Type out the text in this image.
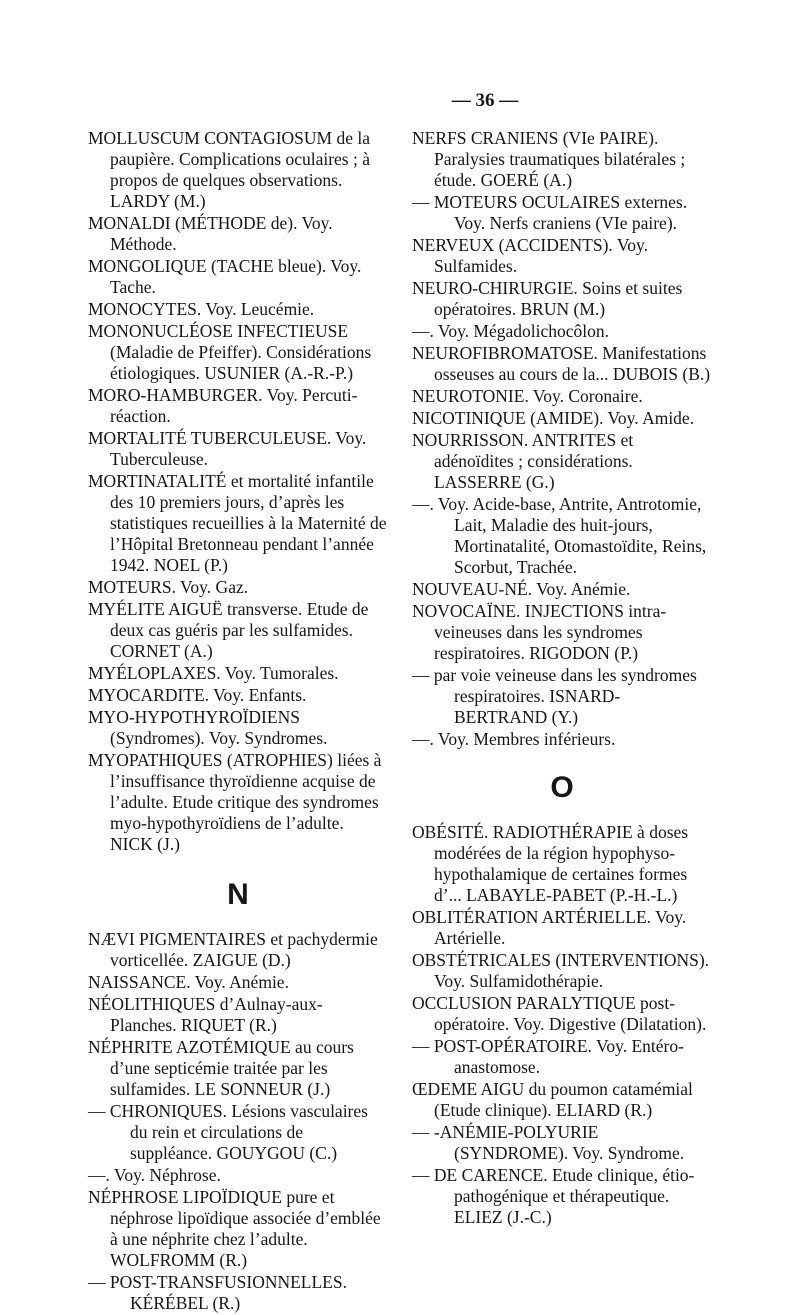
— 36 —

MOLLUSCUM CONTAGIOSUM de la paupière. Complications oculaires ; à propos de quelques observations. LARDY (M.)

MONALDI (MÉTHODE de). Voy. Méthode.

MONGOLIQUE (TACHE bleue). Voy. Tache.

MONOCYTES. Voy. Leucémie.

MONONUCLÉOSE INFECTIEUSE (Maladie de Pfeiffer). Considérations étiologiques. USUNIER (A.-R.-P.)

MORO-HAMBURGER. Voy. Percuti-réaction.

MORTALITÉ TUBERCULEUSE. Voy. Tuberculeuse.

MORTINATALITÉ et mortalité infantile des 10 premiers jours, d’après les statistiques recueillies à la Maternité de l’Hôpital Bretonneau pendant l’année 1942. NOEL (P.)

MOTEURS. Voy. Gaz.

MYÉLITE AIGUË transverse. Etude de deux cas guéris par les sulfamides. CORNET (A.)

MYÉLOPLAXES. Voy. Tumorales.

MYOCARDITE. Voy. Enfants.

MYO-HYPOTHYROÏDIENS (Syndromes). Voy. Syndromes.

MYOPATHIQUES (ATROPHIES) liées à l’insuffisance thyroïdienne acquise de l’adulte. Etude critique des syndromes myo-hypothyroïdiens de l’adulte. NICK (J.)

N

NÆVI PIGMENTAIRES et pachydermie vorticellée. ZAIGUE (D.)

NAISSANCE. Voy. Anémie.

NÉOLITHIQUES d’Aulnay-aux-Planches. RIQUET (R.)

NÉPHRITE AZOTÉMIQUE au cours d’une septicémie traitée par les sulfamides. LE SONNEUR (J.)

— CHRONIQUES. Lésions vasculaires du rein et circulations de suppléance. GOUYGOU (C.)

—. Voy. Néphrose.

NÉPHROSE LIPOÏDIQUE pure et néphrose lipoïdique associée d’emblée à une néphrite chez l’adulte. WOLFROMM (R.)

— POST-TRANSFUSIONNELLES. KÉRÉBEL (R.)

NERFS CRANIENS (VIe PAIRE). Paralysies traumatiques bilatérales ; étude. GOERÉ (A.)

— MOTEURS OCULAIRES externes. Voy. Nerfs craniens (VIe paire).

NERVEUX (ACCIDENTS). Voy. Sulfamides.

NEURO-CHIRURGIE. Soins et suites opératoires. BRUN (M.)

—. Voy. Mégadolichocôlon.

NEUROFIBROMATOSE. Manifestations osseuses au cours de la... DUBOIS (B.)

NEUROTONIE. Voy. Coronaire.

NICOTINIQUE (AMIDE). Voy. Amide.

NOURRISSON. ANTRITES et adénoïdites ; considérations. LASSERRE (G.)

—. Voy. Acide-base, Antrite, Antrotomie, Lait, Maladie des huit-jours, Mortinatalité, Otomastoïdite, Reins, Scorbut, Trachée.

NOUVEAU-NÉ. Voy. Anémie.

NOVOCAÏNE. INJECTIONS intra-veineuses dans les syndromes respiratoires. RIGODON (P.)

— par voie veineuse dans les syndromes respiratoires. ISNARD-BERTRAND (Y.)

—. Voy. Membres inférieurs.

O

OBÉSITÉ. RADIOTHÉRAPIE à doses modérées de la région hypophyso-hypothalamique de certaines formes d’... LABAYLE-PABET (P.-H.-L.)

OBLITÉRATION ARTÉRIELLE. Voy. Artérielle.

OBSTÉTRICALES (INTERVENTIONS). Voy. Sulfamidothérapie.

OCCLUSION PARALYTIQUE post-opératoire. Voy. Digestive (Dilatation).

— POST-OPÉRATOIRE. Voy. Entéro-anastomose.

ŒDEME AIGU du poumon catamémial (Etude clinique). ELIARD (R.)

— -ANÉMIE-POLYURIE (SYNDROME). Voy. Syndrome.

— DE CARENCE. Etude clinique, étio-pathogénique et thérapeutique. ELIEZ (J.-C.)
